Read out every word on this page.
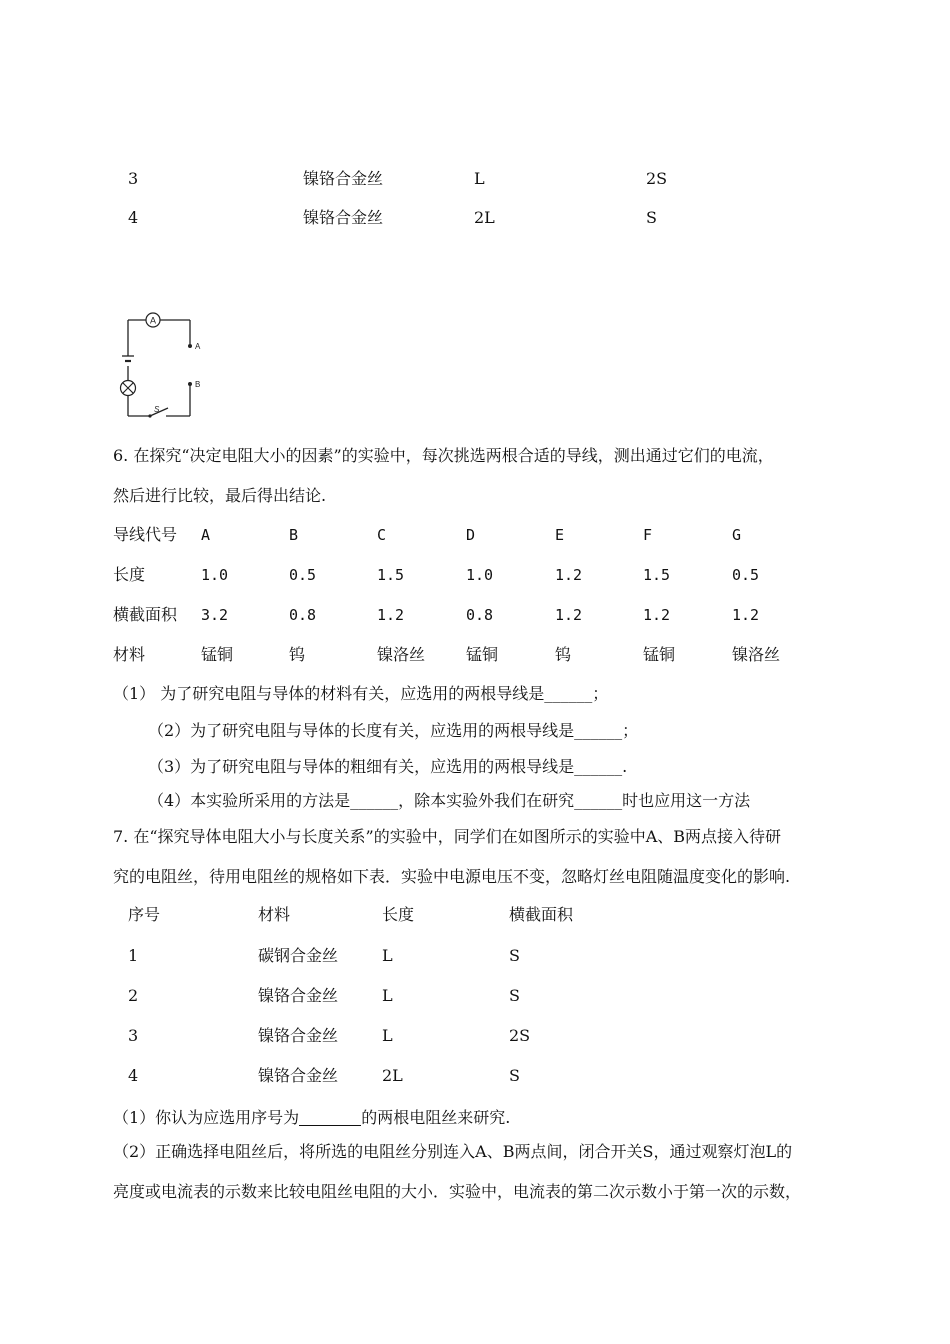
3	镍铬合金丝	L	2S
4	镍铬合金丝	2L	S
A
A
B
S
6. 在探究“决定电阻大小的因素”的实验中，每次挑选两根合适的导线，测出通过它们的电流，
然后进行比较，最后得出结论.
导线代号 A	B	C	D	E	F	G
长度	1.0	0.5	1.5	1.0	1.2	1.5	0.5
横截面积 3.2	0.8	1.2	0.8	1.2	1.2	1.2
材料	锰铜	钨	镍洛丝	锰铜	钨	锰铜	镍洛丝
（1） 为了研究电阻与导体的材料有关，应选用的两根导线是______；
（2）为了研究电阻与导体的长度有关，应选用的两根导线是______；
（3）为了研究电阻与导体的粗细有关，应选用的两根导线是______.
（4）本实验所采用的方法是______，除本实验外我们在研究______时也应用这一方法
7. 在“探究导体电阻大小与长度关系”的实验中，同学们在如图所示的实验中A、B两点接入待研
究的电阻丝，待用电阻丝的规格如下表．实验中电源电压不变，忽略灯丝电阻随温度变化的影响.
序号	材料	长度	横截面积
1	碳钢合金丝	L	S
2	镍铬合金丝	L	S
3	镍铬合金丝	L	2S
4	镍铬合金丝	2L	S
（1）你认为应选用序号为	的两根电阻丝来研究.
（2）正确选择电阻丝后，将所选的电阻丝分别连入A、B两点间，闭合开关S，通过观察灯泡L的
亮度或电流表的示数来比较电阻丝电阻的大小．实验中，电流表的第二次示数小于第一次的示数，
